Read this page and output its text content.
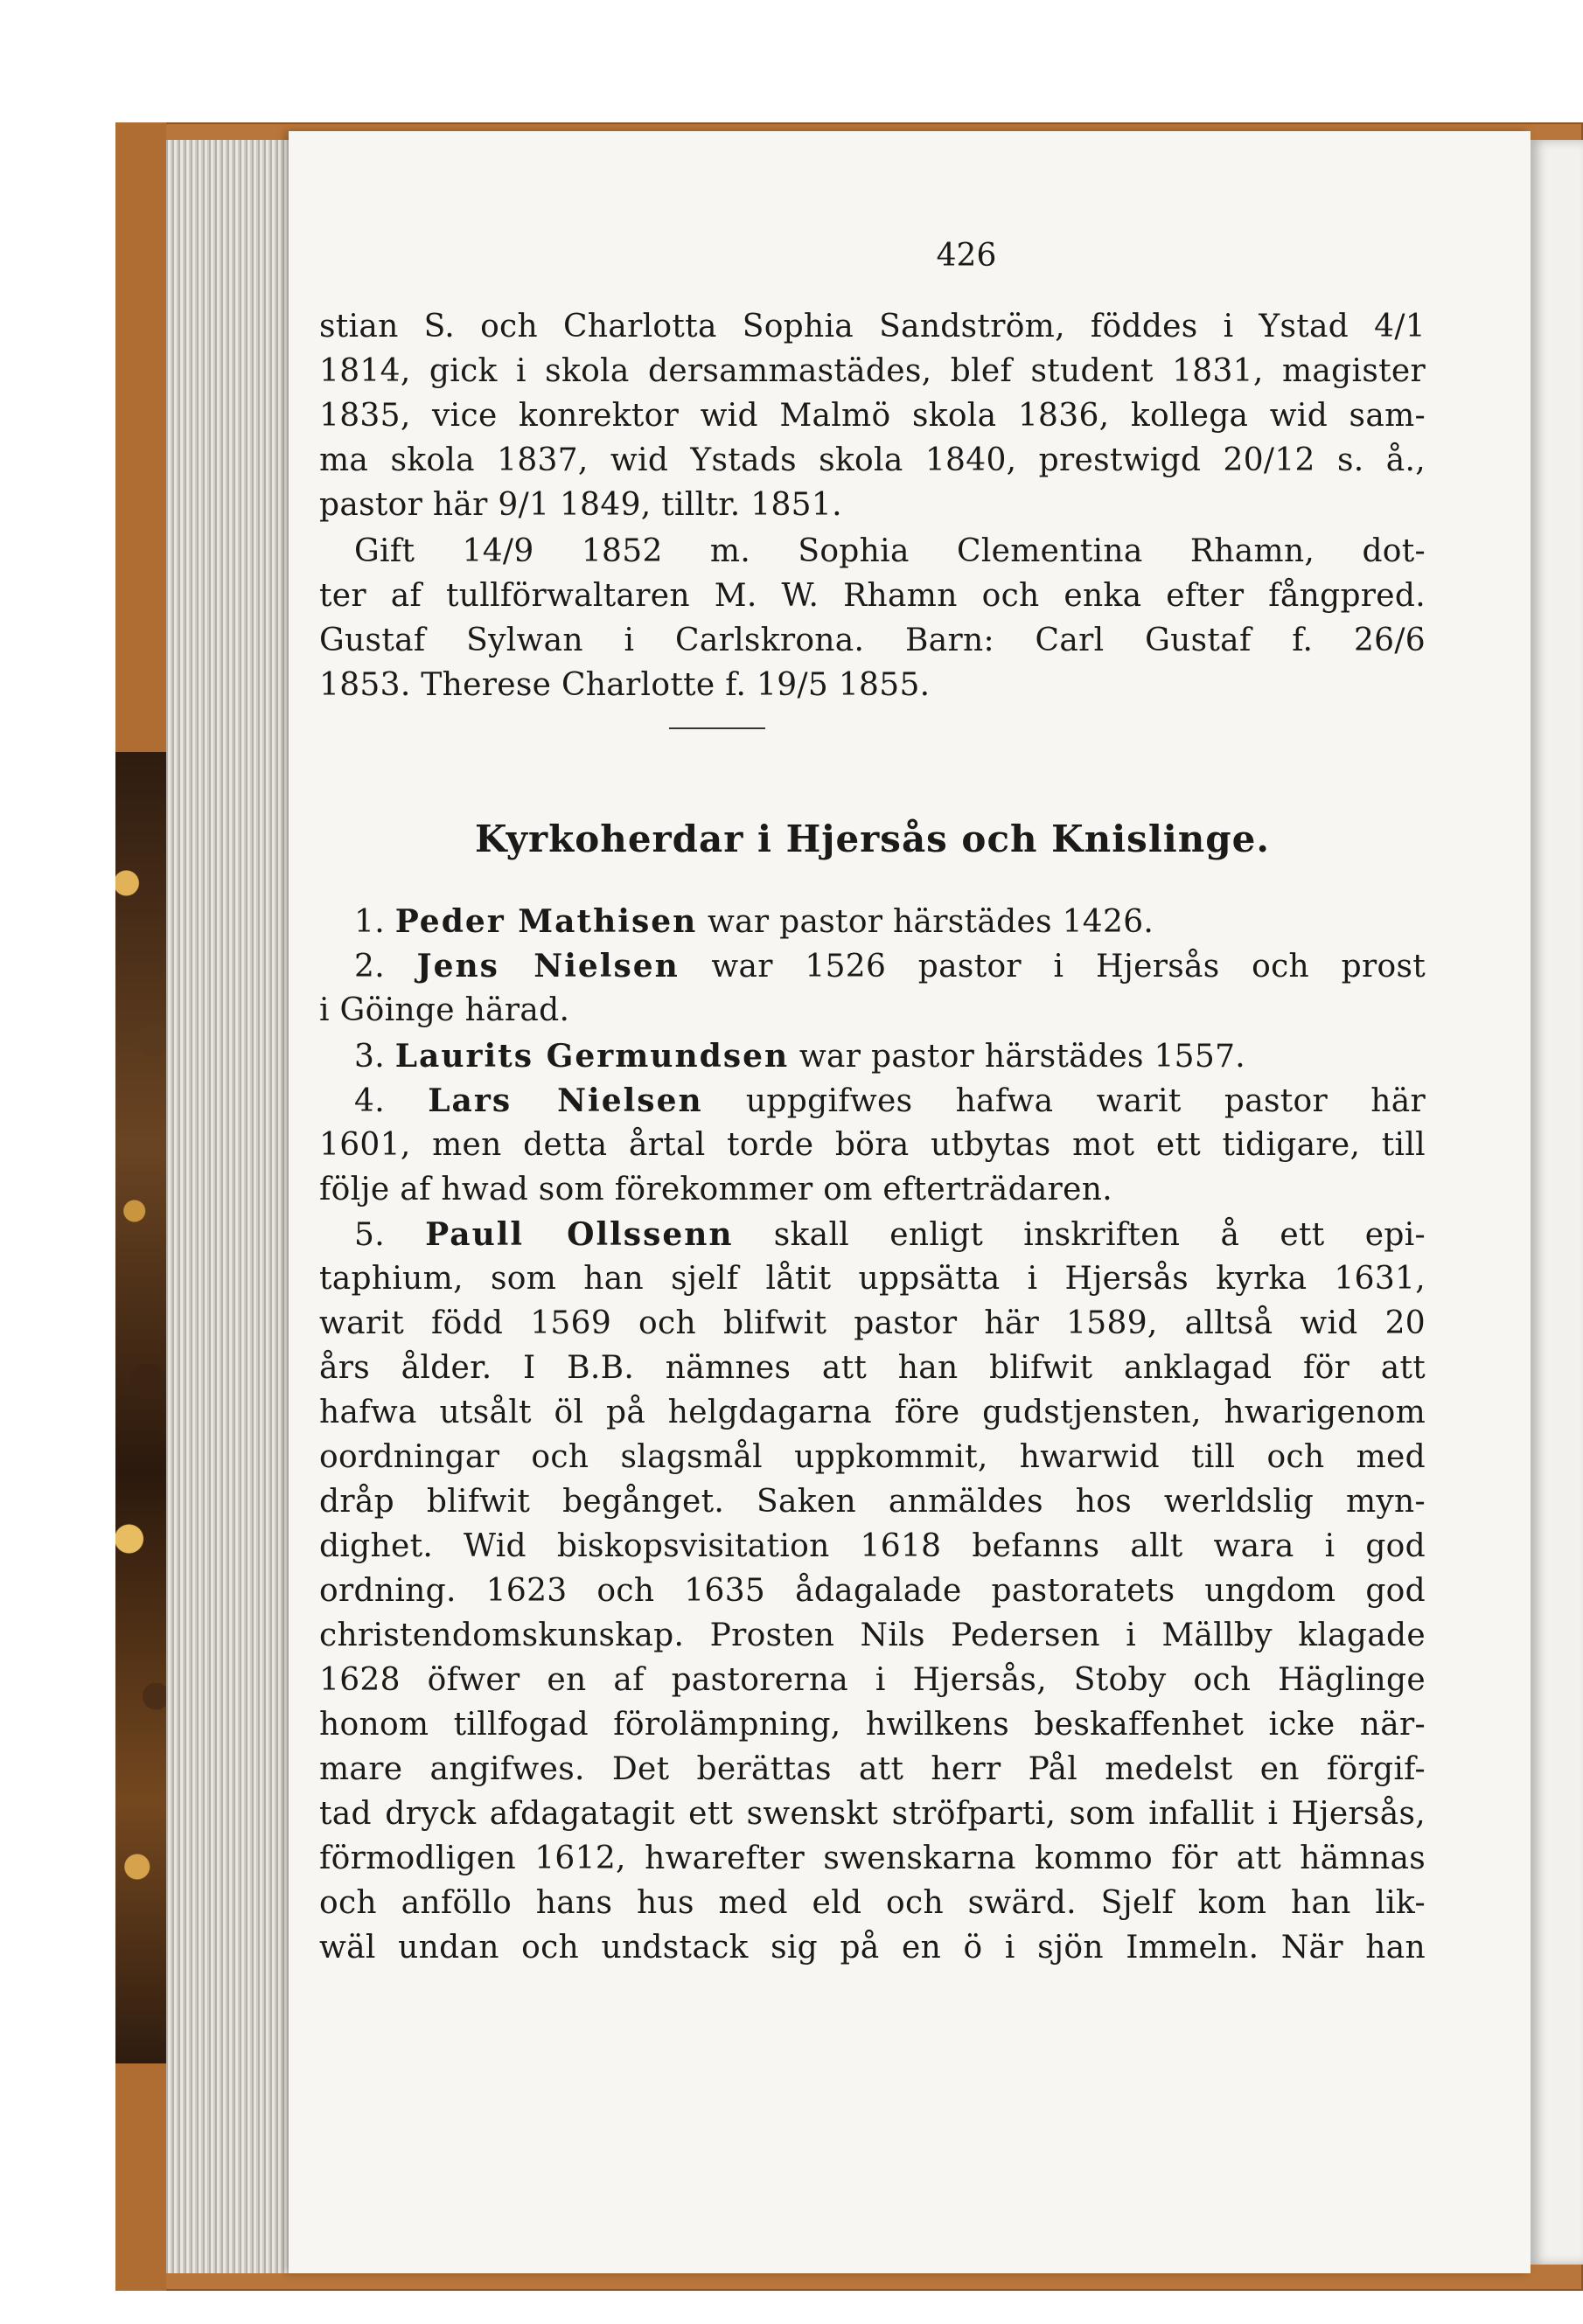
426
stian S. och Charlotta Sophia Sandström, föddes i Ystad 4/1
1814, gick i skola dersammastädes, blef student 1831, magister
1835, vice konrektor wid Malmö skola 1836, kollega wid sam-
ma skola 1837, wid Ystads skola 1840, prestwigd 20/12 s. å.,
pastor här 9/1 1849, tilltr. 1851.
Gift 14/9 1852 m. Sophia Clementina Rhamn, dot-
ter af tullförwaltaren M. W. Rhamn och enka efter fångpred.
Gustaf Sylwan i Carlskrona. Barn: Carl Gustaf f. 26/6
1853. Therese Charlotte f. 19/5 1855.
Kyrkoherdar i Hjersås och Knislinge.
1. Peder Mathisen war pastor härstädes 1426.
2. Jens Nielsen war 1526 pastor i Hjersås och prost
i Göinge härad.
3. Laurits Germundsen war pastor härstädes 1557.
4. Lars Nielsen uppgifwes hafwa warit pastor här
1601, men detta årtal torde böra utbytas mot ett tidigare, till
följe af hwad som förekommer om efterträdaren.
5. Paull Ollssenn skall enligt inskriften å ett epi-
taphium, som han sjelf låtit uppsätta i Hjersås kyrka 1631,
warit född 1569 och blifwit pastor här 1589, alltså wid 20
års ålder. I B.B. nämnes att han blifwit anklagad för att
hafwa utsålt öl på helgdagarna före gudstjensten, hwarigenom
oordningar och slagsmål uppkommit, hwarwid till och med
dråp blifwit begånget. Saken anmäldes hos werldslig myn-
dighet. Wid biskopsvisitation 1618 befanns allt wara i god
ordning. 1623 och 1635 ådagalade pastoratets ungdom god
christendomskunskap. Prosten Nils Pedersen i Mällby klagade
1628 öfwer en af pastorerna i Hjersås, Stoby och Häglinge
honom tillfogad förolämpning, hwilkens beskaffenhet icke när-
mare angifwes. Det berättas att herr Pål medelst en förgif-
tad dryck afdagatagit ett swenskt ströfparti, som infallit i Hjersås,
förmodligen 1612, hwarefter swenskarna kommo för att hämnas
och anföllo hans hus med eld och swärd. Sjelf kom han lik-
wäl undan och undstack sig på en ö i sjön Immeln. När han
